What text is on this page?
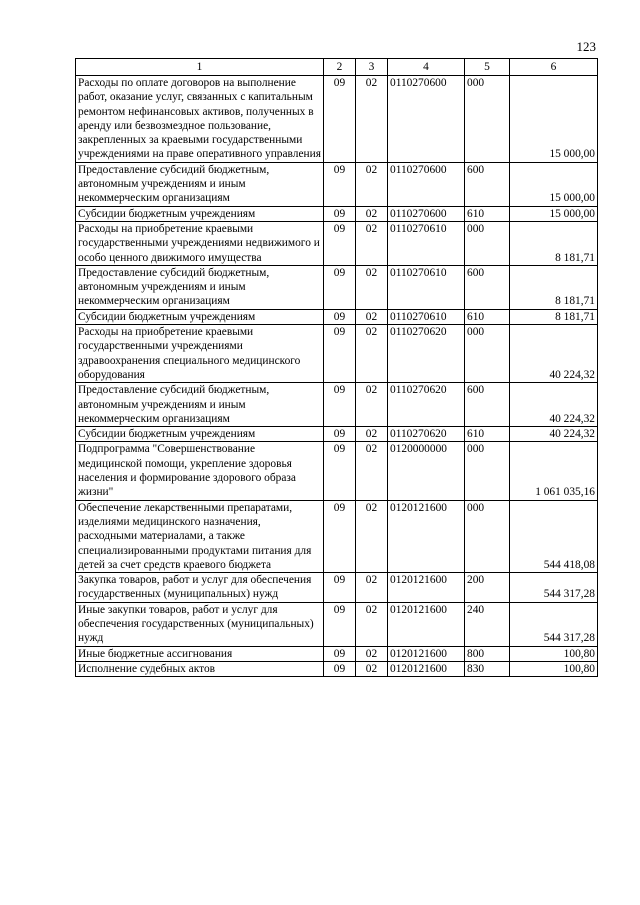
123
1	2	3	4	5	6
Расходы по оплате договоров на выполнение работ, оказание услуг, связанных с капитальным ремонтом нефинансовых активов, полученных в аренду или безвозмездное пользование, закрепленных за краевыми государственными учреждениями на праве оперативного управления	09	02	0110270600	000	15 000,00
Предоставление субсидий бюджетным, автономным учреждениям и иным некоммерческим организациям	09	02	0110270600	600	15 000,00
Субсидии бюджетным учреждениям	09	02	0110270600	610	15 000,00
Расходы на приобретение краевыми государственными учреждениями недвижимого и особо ценного движимого имущества	09	02	0110270610	000	8 181,71
Предоставление субсидий бюджетным, автономным учреждениям и иным некоммерческим организациям	09	02	0110270610	600	8 181,71
Субсидии бюджетным учреждениям	09	02	0110270610	610	8 181,71
Расходы на приобретение краевыми государственными учреждениями здравоохранения специального медицинского оборудования	09	02	0110270620	000	40 224,32
Предоставление субсидий бюджетным, автономным учреждениям и иным некоммерческим организациям	09	02	0110270620	600	40 224,32
Субсидии бюджетным учреждениям	09	02	0110270620	610	40 224,32
Подпрограмма "Совершенствование медицинской помощи, укрепление здоровья населения и формирование здорового образа жизни"	09	02	0120000000	000	1 061 035,16
Обеспечение лекарственными препаратами, изделиями медицинского назначения, расходными материалами, а также специализированными продуктами питания для детей за счет средств краевого бюджета	09	02	0120121600	000	544 418,08
Закупка товаров, работ и услуг для обеспечения государственных (муниципальных) нужд	09	02	0120121600	200	544 317,28
Иные закупки товаров, работ и услуг для обеспечения государственных (муниципальных) нужд	09	02	0120121600	240	544 317,28
Иные бюджетные ассигнования	09	02	0120121600	800	100,80
Исполнение судебных актов	09	02	0120121600	830	100,80
